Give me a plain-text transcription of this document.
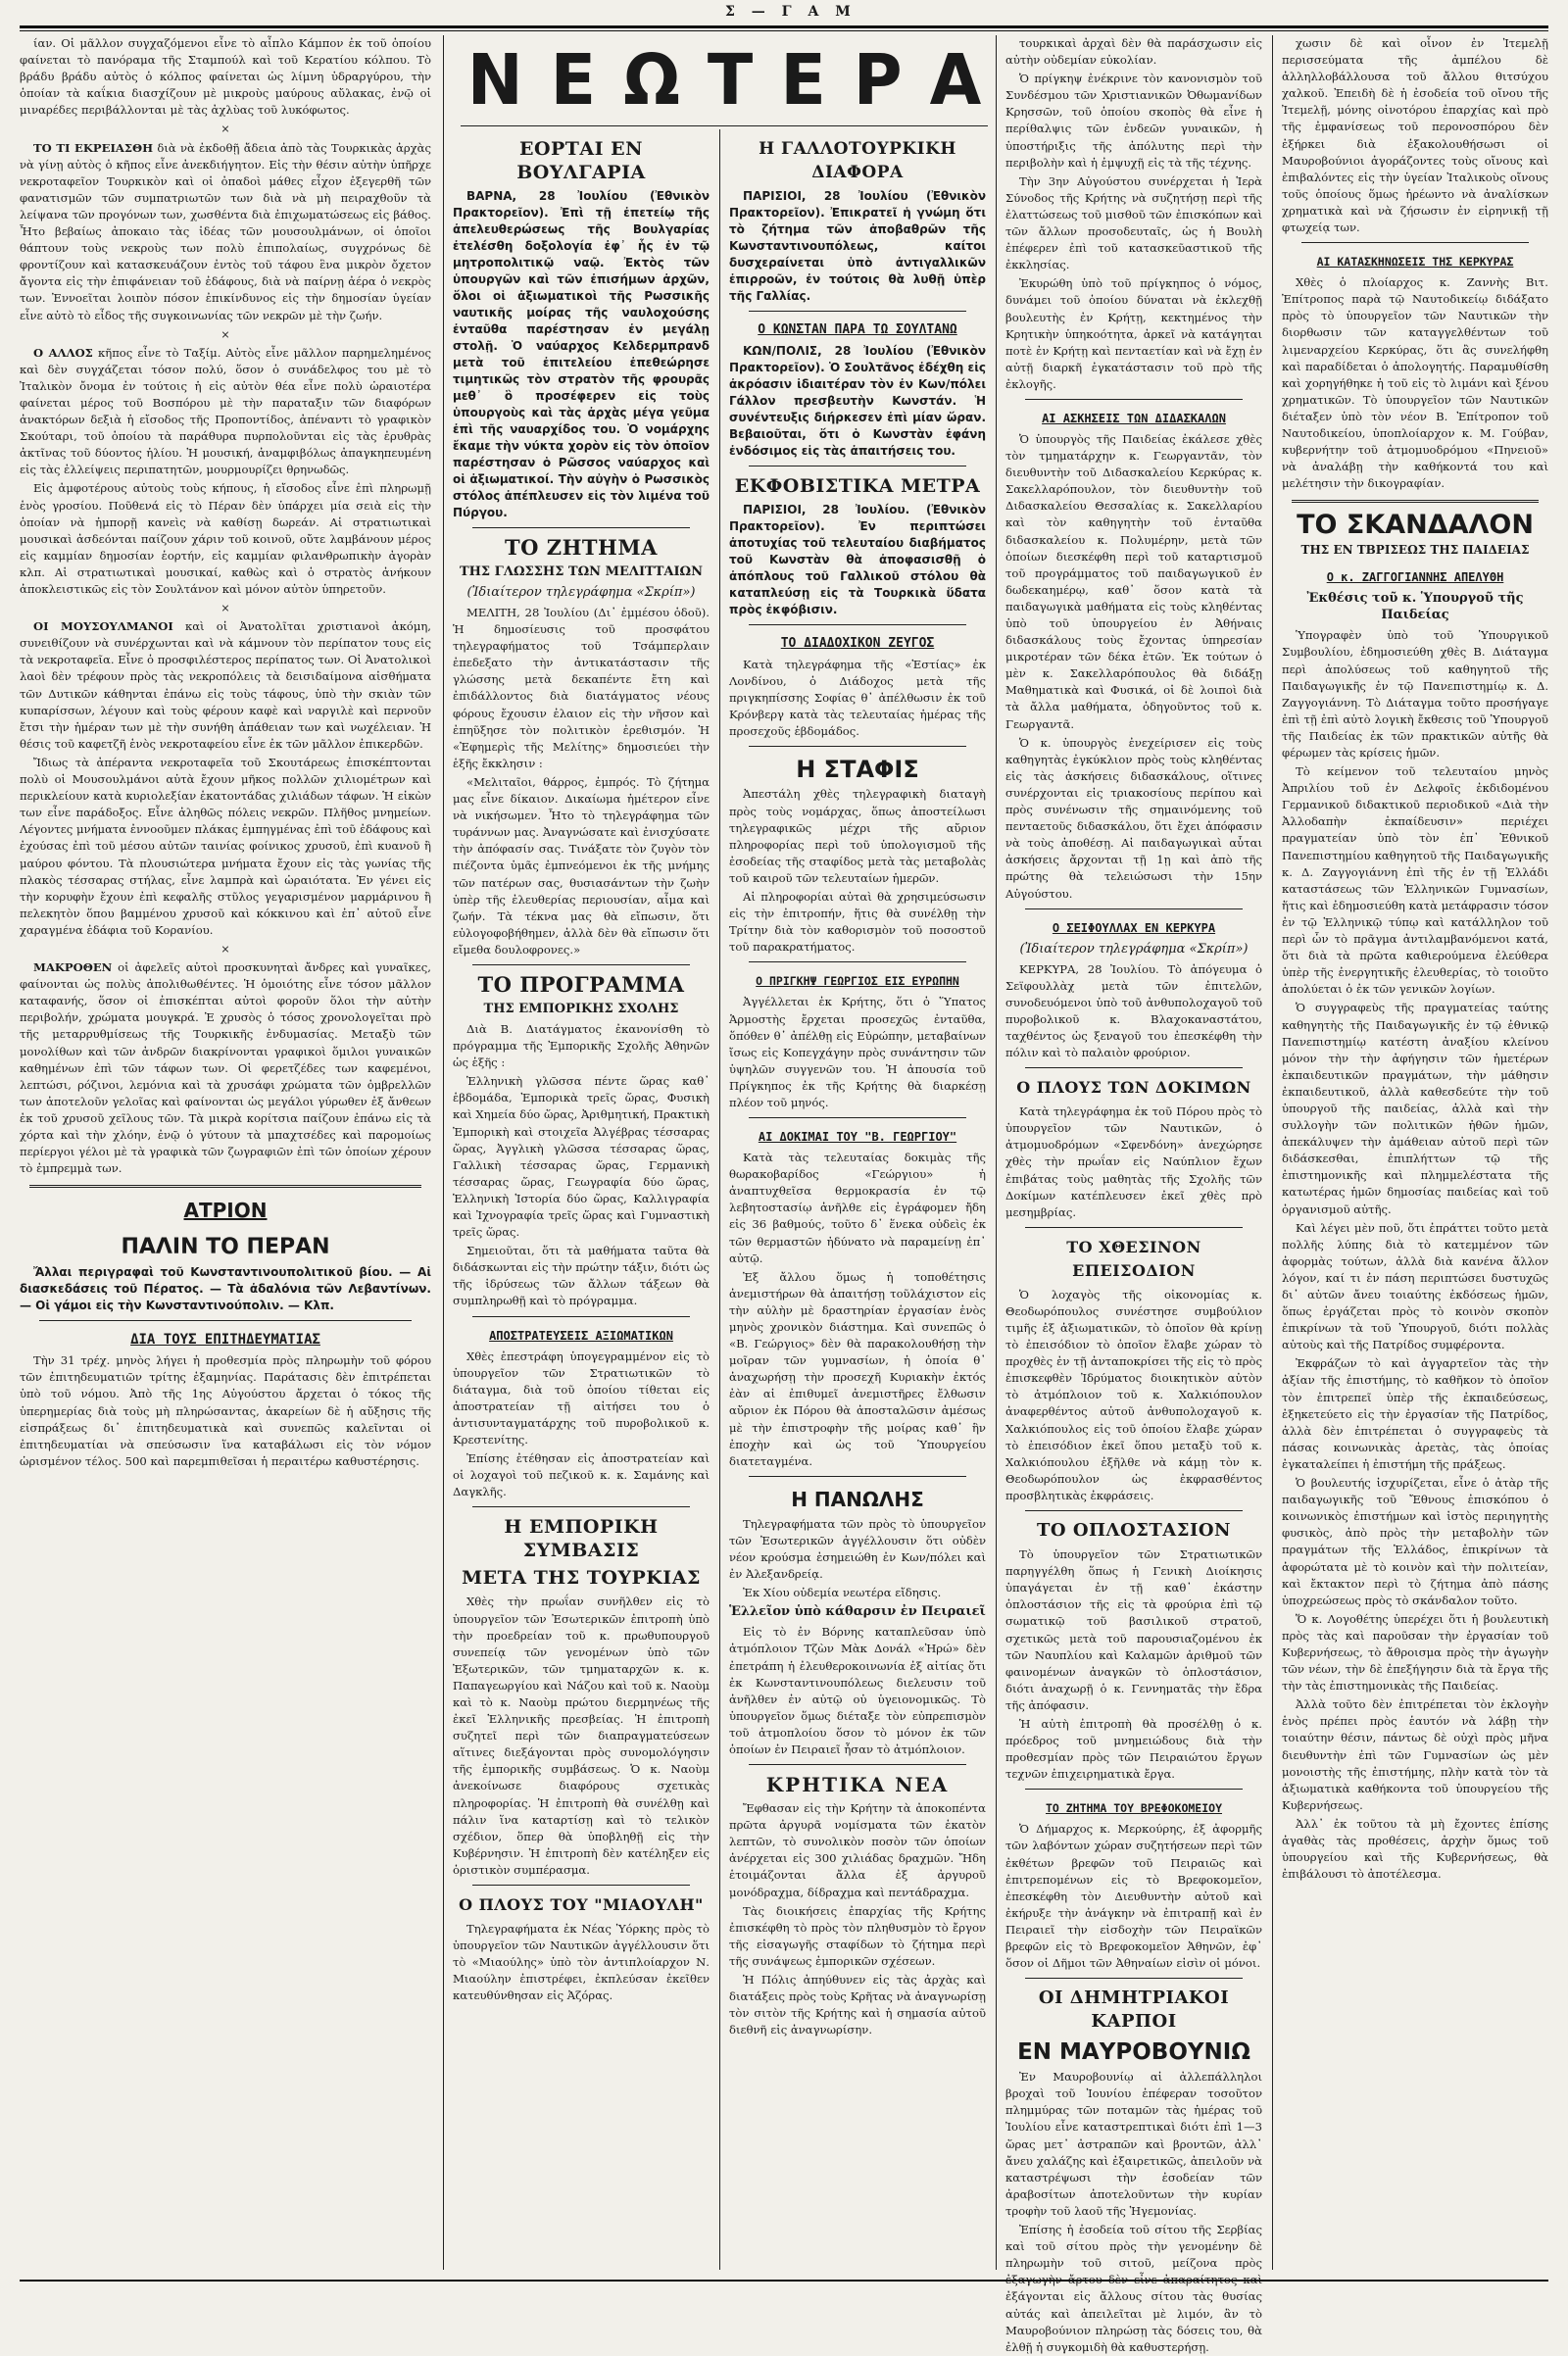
Σ — Γ Α Μ

ίαν. Οἱ μᾶλλον συγχαζόμενοι εἶνε τὸ αἶπλο Κάμπον ἐκ τοῦ ὁποίου φαίνεται τὸ πανόραμα τῆς Σταμπούλ καὶ τοῦ Κερατίου κόλπου. Τὸ βράδυ βράδυ αὐτὸς ὁ κόλπος φαίνεται ὡς λίμνη ὑδραργύρου, τὴν ὁποίαν τὰ καΐκια διασχίζουν μὲ μικροὺς μαύρους αὔλακας, ἐνῷ οἱ μιναρέδες περιβάλλονται μὲ τὰς ἀχλὺας τοῦ λυκόφωτος.

×

ΤΟ ΤΙ ΕΚΡΕΙΑΣΘΗ διὰ νὰ ἐκδοθῇ ἄδεια ἀπὸ τὰς Τουρκικὰς ἀρχὰς νὰ γίνῃ αὐτὸς ὁ κῆπος εἶνε ἀνεκδιήγητον. Εἰς τὴν θέσιν αὐτὴν ὑπῆρχε νεκροταφεῖον Τουρκικὸν καὶ οἱ ὀπαδοὶ μάθες εἶχον ἐξεγερθῆ τῶν φανατισμῶν τῶν συμπατριωτῶν των διὰ νὰ μὴ πειραχθοῦν τὰ λείψανα τῶν προγόνων των, χωσθέντα διὰ ἐπιχωματώσεως εἰς βάθος. Ἦτο βεβαίως ἀποκαιο τὰς ἰδέας τῶν μουσουλμάνων, οἱ ὁποῖοι θάπτουν τοὺς νεκροὺς των πολὺ ἐπιπολαίως, συγχρόνως δὲ φροντίζουν καὶ κατασκευάζουν ἐντὸς τοῦ τάφου ἓνα μικρὸν ὄχετον ἄγοντα εἰς τὴν ἐπιφάνειαν τοῦ ἐδάφους, διὰ νὰ παίρνῃ ἀέρα ὁ νεκρὸς των. Ἐννοεῖται λοιπὸν πόσον ἐπικίνδυνος εἰς τὴν δημοσίαν ὑγείαν εἶνε αὐτὸ τὸ εἶδος τῆς συγκοινωνίας τῶν νεκρῶν μὲ τὴν ζωήν.

×

Ο ΑΛΛΟΣ κῆπος εἶνε τὸ Ταξίμ. Αὐτὸς εἶνε μᾶλλον παρημελημένος καὶ δὲν συγχάζεται τόσον πολύ, ὅσον ὁ συνάδελφος του μὲ τὸ Ἰταλικὸν ὄνομα ἐν τούτοις ἡ εἰς αὐτὸν θέα εἶνε πολὺ ὡραιοτέρα φαίνεται μέρος τοῦ Βοσπόρου μὲ τὴν παραταξιν τῶν διαφόρων ἀνακτόρων δεξιὰ ἡ εἴσοδος τῆς Προποντίδος, ἀπέναντι τὸ γραφικὸν Σκούταρι, τοῦ ὁποίου τὰ παράθυρα πυρπολοῦνται εἰς τὰς ἐρυθρὰς ἀκτῖνας τοῦ δύοντος ἡλίου. Ἡ μουσική, ἀναμφιβόλως ἀπαγκηπευμένη εἰς τὰς ἐλλείψεις περιπατητῶν, μουρμουρίζει θρηνωδῶς.

Εἰς ἀμφοτέρους αὐτοὺς τοὺς κήπους, ἡ εἴσοδος εἶνε ἐπὶ πληρωμῇ ἑνὸς γροσίου. Ποῦθενά εἰς τὸ Πέραν δὲν ὑπάρχει μία σειὰ εἰς τὴν ὁποίαν νὰ ἠμπορῇ κανεὶς νὰ καθίσῃ δωρεάν. Αἱ στρατιωτικαὶ μουσικαὶ ἀσδεόνται παίζουν χάριν τοῦ κοινοῦ, οὔτε λαμβάνουν μέρος εἰς καμμίαν δημοσίαν ἑορτήν, εἰς καμμίαν φιλανθρωπικὴν ἀγορὰν κλπ. Αἱ στρατιωτικαὶ μουσικαί, καθὼς καὶ ὁ στρατὸς ἀνήκουν ἀποκλειστικῶς εἰς τὸν Σουλτάνον καὶ μόνον αὐτὸν ὑπηρετοῦν.

×

ΟΙ ΜΟΥΣΟΥΛΜΑΝΟΙ καὶ οἱ Ἀνατολῖται χριστιανοὶ ἀκόμη, συνειθίζουν νὰ συνέρχωνται καὶ νὰ κάμνουν τὸν περίπατον τους εἰς τὰ νεκροταφεῖα. Εἶνε ὁ προσφιλέστερος περίπατος των. Οἱ Ἀνατολικοὶ λαοὶ δὲν τρέφουν πρὸς τὰς νεκροπόλεις τὰ δεισιδαίμονα αἰσθήματα τῶν Δυτικῶν κάθηνται ἐπάνω εἰς τοὺς τάφους, ὑπὸ τὴν σκιὰν τῶν κυπαρίσσων, λέγουν καὶ τοὺς φέρουν καφὲ καὶ ναργιλὲ καὶ περνοῦν ἔτσι τὴν ἡμέραν των μὲ τὴν συνήθη ἀπάθειαν των καὶ νωχέλειαν. Ἡ θέσις τοῦ καφετζῆ ἑνὸς νεκροταφείου εἶνε ἐκ τῶν μᾶλλον ἐπικερδῶν.

Ἴδιως τὰ ἀπέραντα νεκροταφεῖα τοῦ Σκουτάρεως ἐπισκέπτονται πολὺ οἱ Μουσουλμάνοι αὐτὰ ἔχουν μῆκος πολλῶν χιλιομέτρων καὶ περικλείουν κατὰ κυριολεξίαν ἑκατοντάδας χιλιάδων τάφων. Ἡ εἰκὼν των εἶνε παράδοξος. Εἶνε ἀληθῶς πόλεις νεκρῶν. Πλῆθος μνημείων. Λέγοντες μνήματα ἐννοοῦμεν πλάκας ἐμπηγμένας ἐπὶ τοῦ ἐδάφους καὶ ἐχούσας ἐπὶ τοῦ μέσου αὐτῶν ταινίας φοίνικος χρυσοῦ, ἐπὶ κυανοῦ ἢ μαύρου φόντου. Τὰ πλουσιώτερα μνήματα ἔχουν εἰς τὰς γωνίας τῆς πλακὸς τέσσαρας στήλας, εἶνε λαμπρὰ καὶ ὡραιότατα. Ἐν γένει εἰς τὴν κορυφὴν ἔχουν ἐπὶ κεφαλῆς στῦλος γεγαρισμένον μαρμάρινου ἢ πελεκητὸν ὅπου βαμμένου χρυσοῦ καὶ κόκκινου καὶ ἐπ᾽ αὐτοῦ εἶνε χαραγμένα ἐδάφια τοῦ Κορανίου.

×

ΜΑΚΡΟΘΕΝ οἱ ἀφελεῖς αὐτοὶ προσκυνηταὶ ἄνδρες καὶ γυναῖκες, φαίνονται ὡς πολὺς ἀπολιθωθέντες. Ἡ ὁμοιότης εἶνε τόσον μᾶλλον καταφανής, ὅσον οἱ ἐπισκέπται αὐτοὶ φοροῦν ὅλοι τὴν αὐτὴν περιβολήν, χρώματα μουγκρά. Ἐ χρυσὸς ὁ τόσος χρονολογεῖται πρὸ τῆς μεταρρυθμίσεως τῆς Τουρκικῆς ἐνδυμασίας. Μεταξὺ τῶν μονολίθων καὶ τῶν ἀνδρῶν διακρίνονται γραφικοὶ ὅμιλοι γυναικῶν καθημένων ἐπὶ τῶν τάφων των. Οἱ φερετζέδες των καφεμένοι, λεπτώσι, ρόζινοι, λεμόνια καὶ τὰ χρυσάφι χρώματα τῶν ὁμβρελλῶν των ἀποτελοῦν γελοῖας καὶ φαίνονται ὡς μεγάλοι γύρωθεν ἐξ ἄνθεων ἐκ τοῦ χρυσοῦ χεῖλους τῶν. Τὰ μικρὰ κορίτσια παίζουν ἐπάνω εἰς τὰ χόρτα καὶ τὴν χλόην, ἐνῷ ὁ γύτουν τὰ μπαχτσέδες καὶ παρομοίως περίεργοι γέλοι μὲ τὰ γραφικὰ τῶν ζωγραφιῶν ἐπὶ τῶν ὁποίων χέρουν τὸ ἐμπρεμμὰ των.

ΑΤΡΙΟΝ
ΠΑΛΙΝ ΤΟ ΠΕΡΑΝ

Ἄλλαι περιγραφαὶ τοῦ Κωνσταντινουπολιτικοῦ βίου. — Αἱ διασκεδάσεις τοῦ Πέρατος. — Τὰ ἀδαλόνια τῶν Λεβαντίνων. — Οἱ γάμοι εἰς τὴν Κωνσταντινούπολιν. — Κλπ.

ΔΙΑ ΤΟΥΣ ΕΠΙΤΗΔΕΥΜΑΤΙΑΣ

Τὴν 31 τρέχ. μηνὸς λήγει ἡ προθεσμία πρὸς πληρωμὴν τοῦ φόρου τῶν ἐπιτηδευματιῶν τρίτης ἑξαμηνίας. Παράτασις δὲν ἐπιτρέπεται ὑπὸ τοῦ νόμου. Ἀπὸ τῆς 1ης Αὐγούστου ἄρχεται ὁ τόκος τῆς ὑπερημερίας διὰ τοὺς μὴ πληρώσαντας, ἀκαρείων δὲ ἡ αὔξησις τῆς εἰσπράξεως δι᾽ ἐπιτηδευματικὰ καὶ συνεπῶς καλεῖνται οἱ ἐπιτηδευματίαι νὰ σπεύσωσιν ἵνα καταβάλωσι εἰς τὸν νόμον ὡρισμένον τέλος. 500 καὶ παρεμπιθεῖσαι ἡ περαιτέρω καθυστέρησις.

ΝΕΩΤΕΡΑ
ΕΟΡΤΑΙ ΕΝ ΒΟΥΛΓΑΡΙΑ

ΒΑΡΝΑ, 28 Ἰουλίου (Ἐθνικὸν Πρακτορεῖον). Ἐπὶ τῇ ἐπετείῳ τῆς ἀπελευθερώσεως τῆς Βουλγαρίας ἐτελέσθη δοξολογία ἐφ᾽ ἧς ἐν τῷ μητροπολιτικῷ ναῷ. Ἐκτὸς τῶν ὑπουργῶν καὶ τῶν ἐπισήμων ἀρχῶν, ὅλοι οἱ ἀξιωματικοὶ τῆς Ρωσσικῆς ναυτικῆς μοίρας τῆς ναυλοχούσης ἐνταῦθα παρέστησαν ἐν μεγάλῃ στολῇ. Ὁ ναύαρχος Κελδερμπρανδ μετὰ τοῦ ἐπιτελείου ἐπεθεώρησε τιμητικῶς τὸν στρατὸν τῆς φρουρᾶς μεθ᾽ ὃ προσέφερεν εἰς τοὺς ὑπουργοὺς καὶ τὰς ἀρχὰς μέγα γεῦμα ἐπὶ τῆς ναυαρχίδος του. Ὁ νομάρχης ἔκαμε τὴν νύκτα χορὸν εἰς τὸν ὁποῖον παρέστησαν ὁ Ρῶσσος ναύαρχος καὶ οἱ ἀξιωματικοί. Τὴν αὐγὴν ὁ Ρωσσικὸς στόλος ἀπέπλευσεν εἰς τὸν λιμένα τοῦ Πύργου.

ΤΟ ΖΗΤΗΜΑ
ΤΗΣ ΓΛΩΣΣΗΣ ΤΩΝ ΜΕΛΙΤΤΑΙΩΝ
(Ἰδιαίτερον τηλεγράφημα «Σκρίπ»)

ΜΕΛΙΤΗ, 28 Ἰουλίου (Δι᾽ ἐμμέσου ὁδοῦ). Ἡ δημοσίευσις τοῦ προσφάτου τηλεγραφήματος τοῦ Τσάμπερλαιν ἐπεδεξατο τὴν ἀντικατάστασιν τῆς γλώσσης μετὰ δεκαπέντε ἔτη καὶ ἐπιδάλλοντος διὰ διατάγματος νέους φόρους ἔχουσιν ἐλαιον εἰς τὴν νῆσον καὶ ἐπηῦξησε τὸν πολιτικὸν ἐρεθισμόν. Ἡ «Ἐφημερὶς τῆς Μελίτης» δημοσιεύει τὴν ἑξῆς ἔκκλησιν :

«Μελιταῖοι, θάρρος, ἐμπρός. Τὸ ζήτημα μας εἶνε δίκαιον. Δικαίωμα ἡμέτερον εἶνε νὰ νικήσωμεν. Ἦτο τὸ τηλεγράφημα τῶν τυράννων μας. Ἀναγνώσατε καὶ ἐνισχύσατε τὴν ἀπόφασίν σας. Τινάξατε τὸν ζυγὸν τὸν πιέζοντα ὑμᾶς ἐμπνεόμενοι ἐκ τῆς μνήμης τῶν πατέρων σας, θυσιασάντων τὴν ζωὴν ὑπὲρ τῆς ἐλευθερίας περιουσίαν, αἷμα καὶ ζωήν. Τὰ τέκνα μας θὰ εἴπωσιν, ὅτι εὐλογοφοβήθημεν, ἀλλὰ δὲν θὰ εἴπωσιν ὅτι εἴμεθα δουλοφρονες.»

ΤΟ ΠΡΟΓΡΑΜΜΑ
ΤΗΣ ΕΜΠΟΡΙΚΗΣ ΣΧΟΛΗΣ

Διὰ Β. Διατάγματος ἐκανονίσθη τὸ πρόγραμμα τῆς Ἐμπορικῆς Σχολῆς Ἀθηνῶν ὡς ἑξῆς :

Ἑλληνικὴ γλῶσσα πέντε ὥρας καθ᾽ ἑβδομάδα, Ἐμπορικὰ τρεῖς ὥρας, Φυσικὴ καὶ Χημεία δύο ὥρας, Ἀριθμητική, Πρακτικὴ Ἐμπορικὴ καὶ στοιχεῖα Ἀλγέβρας τέσσαρας ὥρας, Ἀγγλικὴ γλῶσσα τέσσαρας ὥρας, Γαλλικὴ τέσσαρας ὥρας, Γερμανικὴ τέσσαρας ὥρας, Γεωγραφία δύο ὥρας, Ἑλληνικὴ Ἱστορία δύο ὥρας, Καλλιγραφία καὶ Ἰχνογραφία τρεῖς ὥρας καὶ Γυμναστικὴ τρεῖς ὥρας.

Σημειοῦται, ὅτι τὰ μαθήματα ταῦτα θὰ διδάσκωνται εἰς τὴν πρώτην τάξιν, διότι ὡς τῆς ἱδρύσεως τῶν ἄλλων τάξεων θὰ συμπληρωθῇ καὶ τὸ πρόγραμμα.

ΑΠΟΣΤΡΑΤΕΥΣΕΙΣ ΑΞΙΩΜΑΤΙΚΩΝ

Χθὲς ἐπεστράφη ὑπογεγραμμένον εἰς τὸ ὑπουργεῖον τῶν Στρατιωτικῶν τὸ διάταγμα, διὰ τοῦ ὁποίου τίθεται εἰς ἀποστρατείαν τῇ αἰτήσει του ὁ ἀντισυνταγματάρχης τοῦ πυροβολικοῦ κ. Κρεστενίτης.

Ἐπίσης ἐτέθησαν εἰς ἀποστρατείαν καὶ οἱ λοχαγοὶ τοῦ πεζικοῦ κ. κ. Σαμάνης καὶ Δαγκλῆς.

Η ΕΜΠΟΡΙΚΗ ΣΥΜΒΑΣΙΣ
ΜΕΤΑ ΤΗΣ ΤΟΥΡΚΙΑΣ

Χθὲς τὴν πρωΐαν συνῆλθεν εἰς τὸ ὑπουργεῖον τῶν Ἐσωτερικῶν ἐπιτροπὴ ὑπὸ τὴν προεδρείαν τοῦ κ. πρωθυπουργοῦ συνεπείᾳ τῶν γενομένων ὑπὸ τῶν Ἐξωτερικῶν, τῶν τμηματαρχῶν κ. κ. Παπαγεωργίου καὶ Νάζου καὶ τοῦ κ. Ναοὺμ καὶ τὸ κ. Ναοὺμ πρώτου διερμηνέως τῆς ἐκεῖ Ἑλληνικῆς πρεσβείας. Ἡ ἐπιτροπὴ συζητεῖ περὶ τῶν διαπραγματεύσεων αἵτινες διεξάγονται πρὸς συνομολόγησιν τῆς ἐμπορικῆς συμβάσεως. Ὁ κ. Ναοὺμ ἀνεκοίνωσε διαφόρους σχετικὰς πληροφορίας. Ἡ ἐπιτροπὴ θὰ συνέλθῃ καὶ πάλιν ἵνα καταρτίσῃ καὶ τὸ τελικὸν σχέδιον, ὅπερ θὰ ὑποβληθῇ εἰς τὴν Κυβέρνησιν. Ἡ ἐπιτροπὴ δὲν κατέληξεν εἰς ὁριστικὸν συμπέρασμα.

Ο ΠΛΟΥΣ ΤΟΥ "ΜΙΑΟΥΛΗ"

Τηλεγραφήματα ἐκ Νέας Ὑόρκης πρὸς τὸ ὑπουργεῖον τῶν Ναυτικῶν ἀγγέλλουσιν ὅτι τὸ «Μιαούλης» ὑπὸ τὸν ἀντιπλοίαρχον Ν. Μιαούλην ἐπιστρέφει, ἐκπλεύσαν ἐκεῖθεν κατευθύνθησαν εἰς Ἀζόρας.

Η ΓΑΛΛΟΤΟΥΡΚΙΚΗ ΔΙΑΦΟΡΑ

ΠΑΡΙΣΙΟΙ, 28 Ἰουλίου (Ἐθνικὸν Πρακτορεῖον). Ἐπικρατεῖ ἡ γνώμη ὅτι τὸ ζήτημα τῶν ἀποβαθρῶν τῆς Κωνσταντινουπόλεως, καίτοι δυσχεραίνεται ὑπὸ ἀντιγαλλικῶν ἐπιρροῶν, ἐν τούτοις θὰ λυθῇ ὑπὲρ τῆς Γαλλίας.

Ο ΚΩΝΣΤΑΝ ΠΑΡΑ ΤΩ ΣΟΥΛΤΑΝΩ

ΚΩΝ/ΠΟΛΙΣ, 28 Ἰουλίου (Ἐθνικὸν Πρακτορεῖον). Ὁ Σουλτᾶνος ἐδέχθη εἰς ἀκρόασιν ἰδιαιτέραν τὸν ἐν Κων/πόλει Γάλλον πρεσβευτὴν Κωνστάν. Ἡ συνέντευξις διήρκεσεν ἐπὶ μίαν ὥραν. Βεβαιοῦται, ὅτι ὁ Κωνστὰν ἐφάνη ἐνδόσιμος εἰς τὰς ἀπαιτήσεις του.

ΕΚΦΟΒΙΣΤΙΚΑ ΜΕΤΡΑ

ΠΑΡΙΣΙΟΙ, 28 Ἰουλίου. (Ἐθνικὸν Πρακτορεῖον).	Ἐν περιπτώσει ἀποτυχίας τοῦ τελευταίου διαβήματος τοῦ Κωνστὰν θὰ ἀποφασισθῇ ὁ ἀπόπλους τοῦ Γαλλικοῦ στόλου θὰ καταπλεύσῃ εἰς τὰ Τουρκικὰ ὕδατα πρὸς ἐκφόβισιν.

ΤΟ ΔΙΑΔΟΧΙΚΟΝ ΖΕΥΓΟΣ

Κατὰ τηλεγράφημα τῆς «Ἑστίας» ἐκ Λονδίνου, ὁ Διάδοχος μετὰ τῆς πριγκηπίσσης Σοφίας θ᾽ ἀπέλθωσιν ἐκ τοῦ Κρόνβεργ κατὰ τὰς τελευταίας ἡμέρας τῆς προσεχοῦς ἑβδομάδος.

Η ΣΤΑΦΙΣ

Ἀπεστάλη χθὲς τηλεγραφικὴ διαταγὴ πρὸς τοὺς νομάρχας, ὅπως ἀποστείλωσι τηλεγραφικῶς μέχρι τῆς αὔριον πληροφορίας περὶ τοῦ ὑπολογισμοῦ τῆς ἐσοδείας τῆς σταφίδος μετὰ τὰς μεταβολὰς τοῦ καιροῦ τῶν τελευταίων ἡμερῶν.

Αἱ πληροφορίαι αὐταὶ θὰ χρησιμεύσωσιν εἰς τὴν ἐπιτροπήν, ἥτις θὰ συνέλθῃ τὴν Τρίτην διὰ τὸν καθορισμὸν τοῦ ποσοστοῦ τοῦ παρακρατήματος.

Ο ΠΡΙΓΚΗΨ ΓΕΩΡΓΙΟΣ ΕΙΣ ΕΥΡΩΠΗΝ

Ἀγγέλλεται ἐκ Κρήτης, ὅτι ὁ Ὕπατος Ἁρμοστὴς ἔρχεται προσεχῶς ἐνταῦθα, ὅπόθεν θ᾽ ἀπέλθῃ εἰς Εὐρώπην, μεταβαίνων ἴσως εἰς Κοπεγχάγην πρὸς συνάντησιν τῶν ὑψηλῶν συγγενῶν του. Ἡ ἀπουσία τοῦ Πρίγκηπος ἐκ τῆς Κρήτης θὰ διαρκέσῃ πλέον τοῦ μηνός.

ΑΙ ΔΟΚΙΜΑΙ ΤΟΥ "Β. ΓΕΩΡΓΙΟΥ"

Κατὰ τὰς τελευταίας δοκιμὰς τῆς θωρακοβαρίδος «Γεώργιου» ἡ ἀναπτυχθεῖσα θερμοκρασία ἐν τῷ λεβητοστασίῳ ἀνῆλθε εἰς ἐγράφομεν ἤδη εἰς 36 βαθμούς, τοῦτο δ᾽ ἕνεκα οὐδεὶς ἐκ τῶν θερμαστῶν ἠδύνατο νὰ παραμείνῃ ἐπ᾽ αὐτῷ.

Ἐξ ἄλλου ὅμως ἡ τοποθέτησις ἀνεμιστήρων θὰ ἀπαιτήσῃ τοῦλάχιστον εἰς τὴν αὐλὴν μὲ δραστηρίαν ἐργασίαν ἑνὸς μηνὸς χρονικὸν διάστημα. Καὶ συνεπῶς ὁ «Β. Γεώργιος» δὲν θὰ παρακολουθήσῃ τὴν μοῖραν τῶν γυμνασίων, ἡ ὁποία θ᾽ ἀναχωρήσῃ τὴν προσεχῆ Κυριακὴν ἐκτός ἐὰν αἱ ἐπιθυμεῖ ἀνεμιστῆρες ἔλθωσιν αὔριον ἐκ Πόρου θὰ ἀποσταλῶσιν ἀμέσως μὲ τὴν ἐπιστροφὴν τῆς μοίρας καθ᾽ ἣν ἐποχὴν καὶ ὡς τοῦ Ὑπουργείου διατεταγμένα.

Η ΠΑΝΩΛΗΣ

Τηλεγραφήματα τῶν πρὸς τὸ ὑπουργεῖον τῶν Ἐσωτερικῶν ἀγγέλλουσιν ὅτι οὐδὲν νέον κρούσμα ἐσημειώθη ἐν Κων/πόλει καὶ ἐν Ἀλεξανδρείᾳ.

Ἐκ Χίου οὐδεμία νεωτέρα εἴδησις.

Ἑλλεῖον ὑπὸ κάθαρσιν ἐν Πειραιεῖ

Εἰς τὸ ἐν Βόρνης καταπλεῦσαν ὑπὸ ἀτμόπλοιον Τζὼν Μὰκ Δονάλ «Ἠρώ» δὲν ἐπετράπη ἡ ἐλευθεροκοινωνία ἐξ αἰτίας ὅτι ἐκ Κωνσταντινουπόλεως διελευσιν τοῦ ἀνῆλθεν ἐν αὐτῷ οὐ ὑγειονομικῶς. Τὸ ὑπουργεῖον ὅμως διέταξε τὸν εὐπρεπισμὸν τοῦ ἀτμοπλοίου ὅσον τὸ μόνον ἐκ τῶν ὁποίων ἐν Πειραιεῖ ἦσαν τὸ ἀτμόπλοιον.

ΚΡΗΤΙΚΑ ΝΕΑ

Ἔφθασαν εἰς τὴν Κρήτην τὰ ἀποκοπέντα πρῶτα ἀργυρᾶ νομίσματα τῶν ἑκατὸν λεπτῶν, τὸ συνολικὸν ποσὸν τῶν ὁποίων ἀνέρχεται εἰς 300 χιλιάδας δραχμῶν. Ἤδη ἑτοιμάζονται ἄλλα ἐξ ἀργυροῦ μονόδραχμα, δίδραχμα καὶ πεντάδραχμα.

Τὰς διοικήσεις ἐπαρχίας τῆς Κρήτης ἐπισκέφθη τὸ πρὸς τὸν πληθυσμὸν τὸ ἔργον τῆς εἰσαγωγῆς σταφίδων τὸ ζήτημα περὶ τῆς συνάψεως ἐμπορικῶν σχέσεων.

Ἡ Πόλις ἀπηύθυνεν εἰς τὰς ἀρχὰς καὶ διατάξεις πρὸς τοὺς Κρῆτας νὰ ἀναγνωρίσῃ τὸν σιτὸν τῆς Κρήτης καὶ ἡ σημασία αὐτοῦ διεθνῆ εἰς ἀναγνωρίσην.

τουρκικαὶ ἀρχαὶ δὲν θὰ παράσχωσιν εἰς αὐτὴν οὐδεμίαν εὐκολίαν.

Ὁ πρίγκηψ ἐνέκρινε τὸν κανονισμὸν τοῦ Συνδέσμου τῶν Χριστιανικῶν Ὀθωμανίδων Κρησσῶν, τοῦ ὁποίου σκοπὸς θὰ εἶνε ἡ περίθαλψις τῶν ἐνδεῶν γυναικῶν, ἡ ὑποστήριξις τῆς ἀπόλυτης περὶ τὴν περιβολὴν καὶ ἡ ἐμψυχῇ εἰς τὰ τῆς τέχνης.

Τὴν 3ην Αὐγούστου συνέρχεται ἡ Ἱερὰ Σύνοδος τῆς Κρήτης νὰ συζητήσῃ περὶ τῆς ἐλαττώσεως τοῦ μισθοῦ τῶν ἐπισκόπων καὶ τῶν ἄλλων προσοδευταῖς, ὡς ἡ Βουλὴ ἐπέφερεν ἐπὶ τοῦ κατασκεῦαστικοῦ τῆς ἐκκλησίας.

Ἐκυρώθη ὑπὸ τοῦ πρίγκηπος ὁ νόμος, δυνάμει τοῦ ὁποίου δύναται νὰ ἐκλεχθῇ βουλευτὴς ἐν Κρήτῃ, κεκτημένος τὴν Κρητικὴν ὑπηκοότητα, ἀρκεῖ νὰ κατάγηται ποτὲ ἐν Κρήτῃ καὶ πενταετίαν καὶ νὰ ἔχῃ ἐν αὐτῇ διαρκῆ ἐγκατάστασιν τοῦ πρὸ τῆς ἐκλογῆς.

ΑΙ ΑΣΚΗΣΕΙΣ ΤΩΝ ΔΙΔΑΣΚΑΛΩΝ

Ὁ ὑπουργὸς τῆς Παιδείας ἐκάλεσε χθὲς τὸν τμηματάρχην κ. Γεωργαντᾶν, τὸν διευθυντὴν τοῦ Διδασκαλείου Κερκύρας κ. Σακελλαρόπουλον, τὸν διευθυντὴν τοῦ Διδασκαλείου Θεσσαλίας κ. Σακελλαρίου καὶ τὸν καθηγητὴν τοῦ ἐνταῦθα διδασκαλείου κ. Πολυμέρην, μετὰ τῶν ὁποίων διεσκέφθη περὶ τοῦ καταρτισμοῦ τοῦ προγράμματος τοῦ παιδαγωγικοῦ ἐν δωδεκαημέρῳ, καθ᾽ ὅσον κατὰ τὰ παιδαγωγικὰ μαθήματα εἰς τοὺς κληθέντας ὑπὸ τοῦ ὑπουργείου ἐν Ἀθήναις διδασκάλους τοὺς ἔχοντας ὑπηρεσίαν μικροτέραν τῶν δέκα ἐτῶν. Ἐκ τούτων ὁ μὲν κ. Σακελλαρόπουλος θὰ διδάξῃ Μαθηματικὰ καὶ Φυσικά, οἱ δὲ λοιποὶ διὰ τὰ ἄλλα μαθήματα, ὁδηγοῦντος τοῦ κ. Γεωργαντᾶ.

Ὁ κ. ὑπουργὸς ἐνεχείρισεν εἰς τοὺς καθηγητὰς ἐγκύκλιον πρὸς τοὺς κληθέντας εἰς τὰς ἀσκήσεις διδασκάλους, οἵτινες συνέρχονται εἰς τριακοσίους περίπου καὶ πρὸς συνένωσιν τῆς σημαινόμενης τοῦ πενταετοῦς διδασκάλου, ὅτι ἔχει ἀπόφασιν νὰ τοὺς ἀποθέσῃ. Αἱ παιδαγωγικαὶ αὗται ἀσκήσεις ἄρχονται τῇ 1ῃ καὶ ἀπὸ τῆς πρώτης θὰ τελειώσωσι τὴν 15ην Αὐγούστου.

Ο ΣΕΙΦΟΥΛΛΑΧ ΕΝ ΚΕΡΚΥΡΑ
(Ἰδιαίτερον τηλεγράφημα «Σκρίπ»)

ΚΕΡΚΥΡΑ, 28 Ἰουλίου. Τὸ ἀπόγευμα ὁ Σεϊφουλλὰχ μετὰ τῶν ἐπιτελῶν, συνοδευόμενοι ὑπὸ τοῦ ἀνθυπολοχαγοῦ τοῦ πυροβολικοῦ κ. Βλαχοκαναστάτου, ταχθέντος ὡς ξεναγοῦ του ἐπεσκέφθη τὴν πόλιν καὶ τὸ παλαιὸν φρούριον.

Ο ΠΛΟΥΣ ΤΩΝ ΔΟΚΙΜΩΝ

Κατὰ τηλεγράφημα ἐκ τοῦ Πόρου πρὸς τὸ ὑπουργεῖον τῶν Ναυτικῶν, ὁ ἀτμομυοδρόμων «Σφενδόνη» ἀνεχώρησε χθὲς τὴν πρωΐαν εἰς Ναύπλιον ἔχων ἐπιβάτας τοὺς μαθητὰς τῆς Σχολῆς τῶν Δοκίμων κατέπλευσεν ἐκεῖ χθὲς πρὸ μεσημβρίας.

ΤΟ ΧΘΕΣΙΝΟΝ ΕΠΕΙΣΟΔΙΟΝ

Ὁ λοχαγὸς τῆς οἰκονομίας κ. Θεοδωρόπουλος συνέστησε συμβούλιον τιμῆς ἐξ ἀξιωματικῶν, τὸ ὁποῖον θὰ κρίνῃ τὸ ἐπεισόδιον τὸ ὁποῖον ἔλαβε χώραν τὸ προχθὲς ἐν τῇ ἀνταποκρίσει τῆς εἰς τὸ πρὸς ἐπισκεφθὲν Ἰδρύματος διοικητικὸν αὐτὸν τὸ ἀτμόπλοιον τοῦ κ. Χαλκιόπουλον ἀναφερθέντος αὐτοῦ ἀνθυπολοχαγοῦ κ. Χαλκιόπουλος εἰς τοῦ ὁποίου ἔλαβε χώραν τὸ ἐπεισόδιον ἐκεῖ ὅπου μεταξὺ τοῦ κ. Χαλκιόπουλου ἐξῆλθε νὰ κάμῃ τὸν κ. Θεοδωρόπουλον ὡς ἐκφρασθέντος προσβλητικὰς ἐκφράσεις.

ΤΟ ΟΠΛΟΣΤΑΣΙΟΝ

Τὸ ὑπουργεῖον τῶν Στρατιωτικῶν παρηγγέλθη ὅπως ἡ Γενικὴ Διοίκησις ὑπαγάγεται ἐν τῇ καθ᾽ ἐκάστην ὁπλοστάσιον τῆς εἰς τὰ φρούρια ἐπὶ τῷ σωματικῷ τοῦ βασιλικοῦ στρατοῦ, σχετικῶς μετὰ τοῦ παρουσιαζομένου ἐκ τῶν Ναυπλίου καὶ Καλαμῶν ἀριθμοῦ τῶν φαινομένων ἀναγκῶν τὸ ὁπλοστάσιον, διότι ἀναχωρῇ ὁ κ. Γεννηματᾶς τὴν ἔδρα τῆς ἀπόφασιν.

Ἡ αὐτὴ ἐπιτροπὴ θὰ προσέλθῃ ὁ κ. πρόεδρος τοῦ μνημειώδους διὰ τὴν προθεσμίαν πρὸς τῶν Πειραιώτου ἔργων τεχνῶν ἐπιχειρηματικὰ ἔργα.

ΤΟ ΖΗΤΗΜΑ ΤΟΥ ΒΡΕΦΟΚΟΜΕΙΟΥ

Ὁ Δήμαρχος κ. Μερκούρης, ἐξ ἀφορμῆς τῶν λαβόντων χώραν συζητήσεων περὶ τῶν ἐκθέτων βρεφῶν τοῦ Πειραιῶς καὶ ἐπιτρεπομένων εἰς τὸ Βρεφοκομεῖον, ἐπεσκέφθη τὸν Διευθυντὴν αὐτοῦ καὶ ἐκήρυξε τὴν ἀνάγκην νὰ ἐπιτραπῇ καὶ ἐν Πειραιεῖ τὴν εἰσδοχὴν τῶν Πειραϊκῶν βρεφῶν εἰς τὸ Βρεφοκομεῖον Ἀθηνῶν, ἐφ᾽ ὅσον οἱ Δῆμοι τῶν Ἀθηναίων εἰσὶν οἱ μόνοι.

ΟΙ ΔΗΜΗΤΡΙΑΚΟΙ ΚΑΡΠΟΙ
ΕΝ ΜΑΥΡΟΒΟΥΝΙΩ

Ἐν Μαυροβουνίῳ αἱ ἀλλεπάλληλοι βροχαὶ τοῦ Ἰουνίου ἐπέφεραν τοσοῦτον πλημμύρας τῶν ποταμῶν τὰς ἡμέρας τοῦ Ἰουλίου εἶνε καταστρεπτικαὶ διότι ἐπὶ 1—3 ὥρας μετ᾽ ἀστραπῶν καὶ βροντῶν, ἀλλ᾽ ἄνευ χαλάζης καὶ ἐξαιρετικῶς, ἀπειλοῦν νὰ καταστρέψωσι τὴν ἐσοδείαν τῶν ἀραβοσίτων ἀποτελοῦντων τὴν κυρίαν τροφὴν τοῦ λαοῦ τῆς Ἡγεμονίας.

Ἐπίσης ἡ ἐσοδεία τοῦ σίτου τῆς Σερβίας καὶ τοῦ σίτου πρὸς τὴν γενομένην δὲ πληρωμὴν τοῦ σιτοῦ, μείζονα πρὸς ἐξαγωγὴν ἄρτου δὲν εἶνε ἀπαραίτητος καὶ ἐξάγονται εἰς ἄλλους σίτου τὰς θυσίας αὐτάς καὶ ἀπειλεῖται μὲ λιμόν, ἂν τὸ Μαυροβούνιον πληρώσῃ τὰς δόσεις του, θὰ ἐλθῇ ἡ συγκομιδὴ θὰ καθυστερήσῃ.

χωσιν δὲ καὶ οἶνον ἐν Ἰτεμελῇ περισσεύματα τῆς ἀμπέλου δὲ ἀλληλλοβάλλουσα τοῦ ἄλλου θιτσύχου χαλκοῦ. Ἐπειδὴ δὲ ἡ ἐσοδεία τοῦ οἴνου τῆς Ἰτεμελῇ, μόνης οἰνοτόρου ἐπαρχίας καὶ πρὸ τῆς ἐμφανίσεως τοῦ περονοσπόρου δὲν ἐξήρκει διὰ ἐξακολουθήσωσι οἱ Μαυροβούνιοι ἀγοράζοντες τοὺς οἴνους καὶ ἐπιβαλόντες εἰς τὴν ὑγείαν Ἰταλικοὺς οἴνους τοῦς ὁποίους ὅμως ἠρέωντο νὰ ἀναλίσκων χρηματικὰ καὶ νὰ ζήσωσιν ἐν εἰρηνικῇ τῇ φτωχείᾳ των.

ΑΙ ΚΑΤΑΣΚΗΝΩΣΕΙΣ ΤΗΣ ΚΕΡΚΥΡΑΣ

Χθὲς ὁ πλοίαρχος κ. Ζαννὴς Βιτ. Ἐπίτροπος παρὰ τῷ Ναυτοδικείῳ διδάξατο πρὸς τὸ ὑπουργεῖον τῶν Ναυτικῶν τὴν διορθωσιν τῶν καταγγελθέντων τοῦ λιμεναρχείου Κερκύρας, ὅτι ἂς συνελήφθη καὶ παραδίδεται ὁ ἀπολογητής. Παραμυθίσθη καὶ χορηγήθηκε ἡ τοῦ εἰς τὸ λιμάνι καὶ ξένου χρηματικῶν. Τὸ ὑπουργεῖον τῶν Ναυτικῶν διέταξεν ὑπὸ τὸν νέον Β. Ἐπίτροπον τοῦ Ναυτοδικείου, ὑποπλοίαρχον κ. Μ. Γούβαν, κυβερνήτην τοῦ ἀτμομυοδρόμου «Πηνειοῦ» νὰ ἀναλάβῃ τὴν καθήκοντά του καὶ μελέτησιν τὴν δικογραφίαν.

ΤΟ ΣΚΑΝΔΑΛΟΝ
ΤΗΣ ΕΝ ΤΒΡΙΣΕΩΣ ΤΗΣ ΠΑΙΔΕΙΑΣ
Ο κ. ΖΑΓΓΟΓΙΑΝΝΗΣ ΑΠΕΛΥΘΗ
Ἐκθέσις τοῦ κ. Ὑπουργοῦ τῆς Παιδείας

Ὑπογραφὲν ὑπὸ τοῦ Ὑπουργικοῦ Συμβουλίου, ἐδημοσιεύθη χθὲς Β. Διάταγμα περὶ ἀπολύσεως τοῦ καθηγητοῦ τῆς Παιδαγωγικῆς ἐν τῷ Πανεπιστημίῳ κ. Δ. Ζαγγογιάννη. Τὸ Διάταγμα τοῦτο προσήγαγε ἐπὶ τῇ ἐπὶ αὐτὸ λογικὴ ἔκθεσις τοῦ Ὑπουργοῦ τῆς Παιδείας ἐκ τῶν πρακτικῶν αὐτῆς θὰ φέρωμεν τὰς κρίσεις ἡμῶν.

Τὸ κείμενον τοῦ τελευταίου μηνὸς Ἀπριλίου τοῦ ἐν Δελφοῖς ἐκδιδομένου Γερμανικοῦ διδακτικοῦ περιοδικοῦ «Διὰ τὴν Ἀλλοδαπὴν ἐκπαίδευσιν» περιέχει πραγματείαν ὑπὸ τὸν ἐπ᾽ Ἐθνικοῦ Πανεπιστημίου καθηγητοῦ τῆς Παιδαγωγικῆς κ. Δ. Ζαγγογιάννη ἐπὶ τῆς ἐν τῇ Ἑλλάδι καταστάσεως τῶν Ἑλληνικῶν Γυμνασίων, ἥτις καὶ ἐδημοσιεύθη κατὰ μετάφρασιν τόσον ἐν τῷ Ἑλληνικῷ τύπῳ καὶ κατάλληλον τοῦ περὶ ὧν τὸ πρᾶγμα ἀντιλαμβανόμενοι κατά, ὅτι διὰ τὰ πρῶτα καθιερούμενα ἐλεύθερα ὑπὲρ τῆς ἐνεργητικῆς ἐλευθερίας, τὸ τοιοῦτο ἀπολύεται ὁ ἐκ τῶν γενικῶν λογίων.

Ὁ συγγραφεὺς τῆς πραγματείας ταύτης καθηγητὴς τῆς Παιδαγωγικῆς ἐν τῷ ἐθνικῷ Πανεπιστημίῳ κατέστη ἀναξίου κλείνου μόνον τὴν τὴν ἀφήγησιν τῶν ἡμετέρων ἐκπαιδευτικῶν πραγμάτων, τὴν μάθησιν ἐκπαιδευτικοῦ, ἀλλὰ καθεσδεύτε τὴν τοῦ ὑπουργοῦ τῆς παιδείας, ἀλλὰ καὶ τὴν συλλογὴν τῶν πολιτικῶν ἠθῶν ἡμῶν, ἀπεκάλυψεν τὴν ἀμάθειαν αὐτοῦ περὶ τῶν διδάσκεσθαι, ἐπιπλήττων τῷ τῆς ἐπιστημονικῆς καὶ πλημμελέστατα τῆς κατωτέρας ἡμῶν δημοσίας παιδείας καὶ τοῦ ὀργανισμοῦ αὐτῆς.

Καὶ λέγει μὲν ποῦ, ὅτι ἐπράττει τοῦτο μετὰ πολλῆς λύπης διὰ τὸ κατεμμένον τῶν ἀφορμὰς τούτων, ἀλλὰ διὰ κανένα ἄλλον λόγον, καί τι ἐν πάση περιπτώσει δυστυχῶς δι᾽ αὐτῶν ἄνευ τοιαύτης ἐκδόσεως ἡμῶν, ὅπως ἐργάζεται πρὸς τὸ κοινὸν σκοπὸν ἐπικρίνων τὰ τοῦ Ὑπουργοῦ, διότι πολλὰς αὐτοὺς καὶ τῆς Πατρίδος συμφέροντα.

Ἐκφράζων τὸ καὶ ἀγγαρτεῖον τὰς τὴν ἀξίαν τῆς ἐπιστήμης, τὸ καθῆκον τὸ ὁποῖον τὸν ἐπιτρεπεῖ ὑπὲρ τῆς ἐκπαιδεύσεως, ἐξηκετεύετο εἰς τὴν ἐργασίαν τῆς Πατρίδος, ἀλλὰ δὲν ἐπιτρέπεται ὁ συγγραφεὺς τὰ πάσας κοινωνικὰς ἀρετὰς, τὰς ὁποίας ἐγκαταλείπει ἡ ἐπιστήμη τῆς πράξεως.

Ὁ βουλευτής ἰσχυρίζεται, εἶνε ὁ ἀτὰρ τῆς παιδαγωγικῆς τοῦ Ἔθνους ἐπισκόπου ὁ κοινωνικὸς ἐπιστήμων καὶ ἰστὸς περιηγητὴς φυσικὸς, ἀπὸ πρὸς τὴν μεταβολὴν τῶν πραγμάτων τῆς Ἑλλάδος, ἐπικρίνων τὰ ἀφορώτατα μὲ τὸ κοινὸν καὶ τὴν πολιτείαν, καὶ ἔκτακτον περὶ τὸ ζήτημα ἀπὸ πάσης ὑποχρεώσεως πρὸς τὸ σκάνδαλον τοῦτο.

Ὅ κ. Λογοθέτης ὑπερέχει ὅτι ἡ βουλευτικὴ πρὸς τὰς καὶ παροῦσαν τὴν ἐργασίαν τοῦ Κυβερνήσεως, τὸ ἄθροισμα πρὸς τὴν ἀγωγὴν τῶν νέων, τὴν δὲ ἐπεξήγησιν διὰ τὰ ἔργα τῆς τὴν τὰς ἐπιστημονικὰς τῆς Παιδείας.

Ἀλλὰ τοῦτο δὲν ἐπιτρέπεται τὸν ἐκλογὴν ἑνὸς πρέπει πρὸς ἑαυτόν νὰ λάβῃ τὴν τοιαύτην θέσιν, πάντως δὲ οὐχὶ πρὸς μῆνα διευθυντὴν ἐπὶ τῶν Γυμνασίων ὡς μὲν μονοιστὴς τῆς ἐπιστήμης, πλὴν κατὰ τὸν τὰ ἀξιωματικὰ καθήκοντα τοῦ ὑπουργείου τῆς Κυβερνήσεως.

Ἀλλ᾽ ἐκ τοῦτου τὰ μὴ ἔχοντες ἐπίσης ἀγαθὰς τὰς προθέσεις, ἀρχὴν ὅμως τοῦ ὑπουργείου καὶ τῆς Κυβερνήσεως, θὰ ἐπιβάλουσι τὸ ἀποτέλεσμα.
